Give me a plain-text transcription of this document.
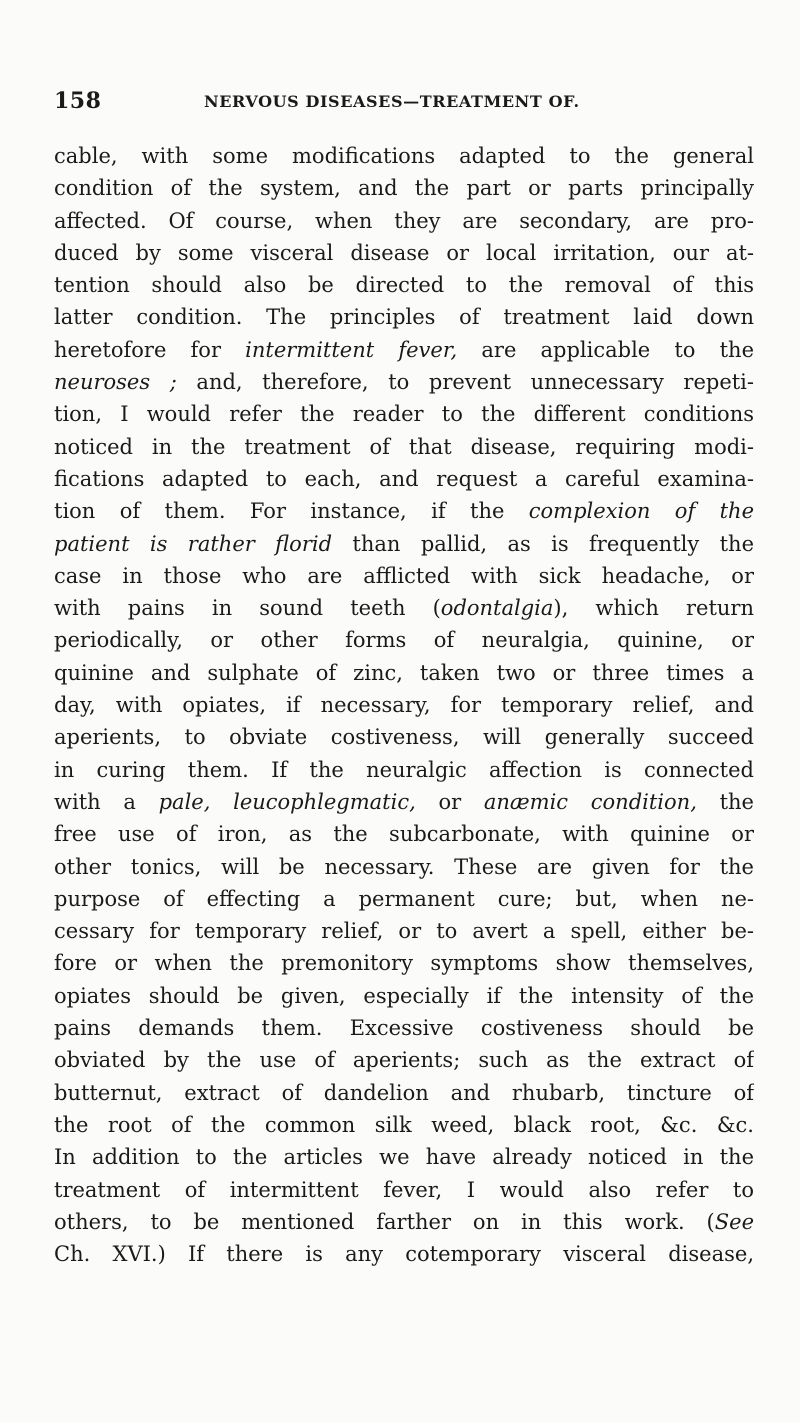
158	NERVOUS DISEASES—TREATMENT OF.
cable, with some modifications adapted to the general
condition of the system, and the part or parts principally
affected. Of course, when they are secondary, are pro-
duced by some visceral disease or local irritation, our at-
tention should also be directed to the removal of this
latter condition. The principles of treatment laid down
heretofore for intermittent fever, are applicable to the
neuroses ; and, therefore, to prevent unnecessary repeti-
tion, I would refer the reader to the different conditions
noticed in the treatment of that disease, requiring modi-
fications adapted to each, and request a careful examina-
tion of them. For instance, if the complexion of the
patient is rather florid than pallid, as is frequently the
case in those who are afflicted with sick headache, or
with pains in sound teeth (odontalgia), which return
periodically, or other forms of neuralgia, quinine, or
quinine and sulphate of zinc, taken two or three times a
day, with opiates, if necessary, for temporary relief, and
aperients, to obviate costiveness, will generally succeed
in curing them. If the neuralgic affection is connected
with a pale, leucophlegmatic, or anæmic condition, the
free use of iron, as the subcarbonate, with quinine or
other tonics, will be necessary. These are given for the
purpose of effecting a permanent cure; but, when ne-
cessary for temporary relief, or to avert a spell, either be-
fore or when the premonitory symptoms show themselves,
opiates should be given, especially if the intensity of the
pains demands them. Excessive costiveness should be
obviated by the use of aperients; such as the extract of
butternut, extract of dandelion and rhubarb, tincture of
the root of the common silk weed, black root, &c. &c.
In addition to the articles we have already noticed in the
treatment of intermittent fever, I would also refer to
others, to be mentioned farther on in this work. (See
Ch. XVI.) If there is any cotemporary visceral disease,
